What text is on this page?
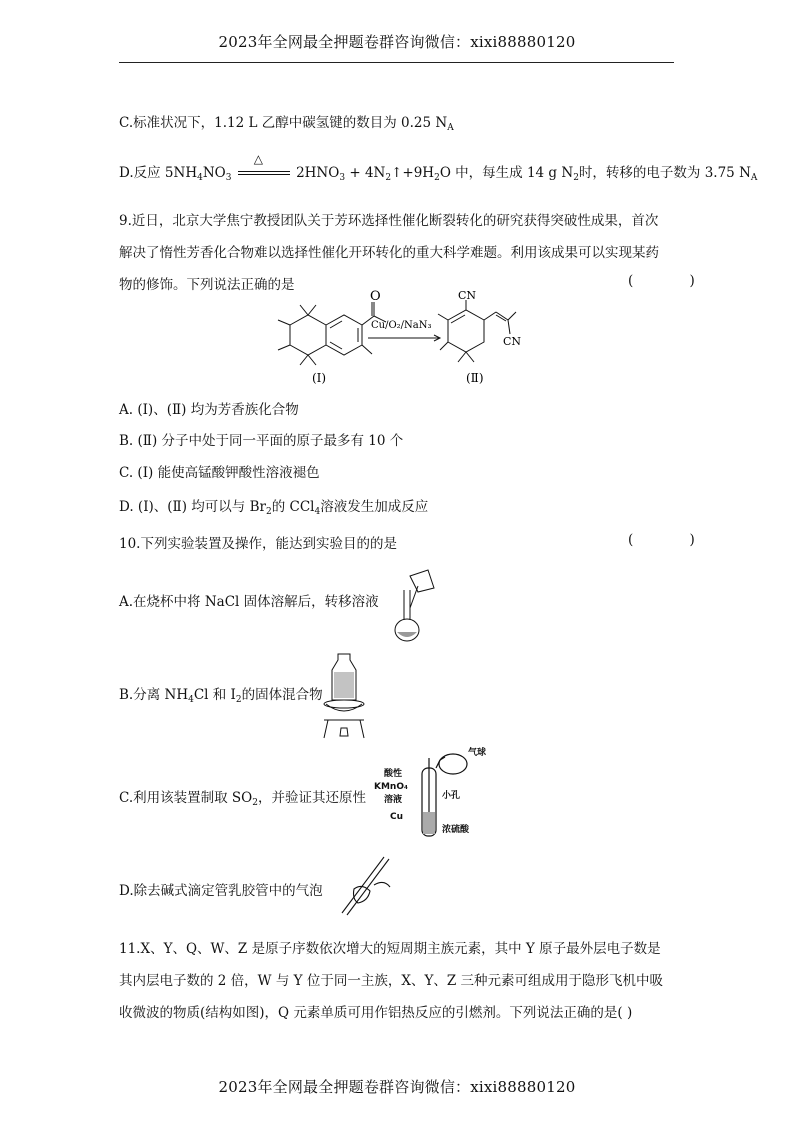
2023年全网最全押题卷群咨询微信：xixi88880120
C.标准状况下，1.12 L 乙醇中碳氢键的数目为 0.25 $N_A$
D.反应 $5NH_4NO_3$
△
$2HNO_3$ + $4N_2↑+9H_2O$ 中，每生成 14 g $N_2$时，转移的电子数为 3.75 $N_A$
9.近日，北京大学焦宁教授团队关于芳环选择性催化断裂转化的研究获得突破性成果，首次
解决了惰性芳香化合物难以选择性催化开环转化的重大科学难题。利用该成果可以实现某药
物的修饰。下列说法正确的是	( )
O
Cu/O₂/NaN₃
CN
CN
(Ⅰ)	(Ⅱ)
A. (Ⅰ)、(Ⅱ) 均为芳香族化合物
B. (Ⅱ) 分子中处于同一平面的原子最多有 10 个
C. (Ⅰ) 能使高锰酸钾酸性溶液褪色
D. (Ⅰ)、(Ⅱ) 均可以与 $Br_2$的 CCl$_4$溶液发生加成反应
10.下列实验装置及操作，能达到实验目的的是	( )
A.在烧杯中将 NaCl 固体溶解后，转移溶液
B.分离 $NH_4Cl$ 和 $I_2$的固体混合物
C.利用该装置制取 $SO_2$，并验证其还原性
气球
酸性
KMnO₄
溶液	小孔
Cu
浓硫酸
D.除去碱式滴定管乳胶管中的气泡
11.X、Y、Q、W、Z 是原子序数依次增大的短周期主族元素，其中 Y 原子最外层电子数是
其内层电子数的 2 倍，W 与 Y 位于同一主族，X、Y、Z 三种元素可组成用于隐形飞机中吸
收微波的物质(结构如图)，Q 元素单质可用作铝热反应的引燃剂。下列说法正确的是( )
2023年全网最全押题卷群咨询微信：xixi88880120
